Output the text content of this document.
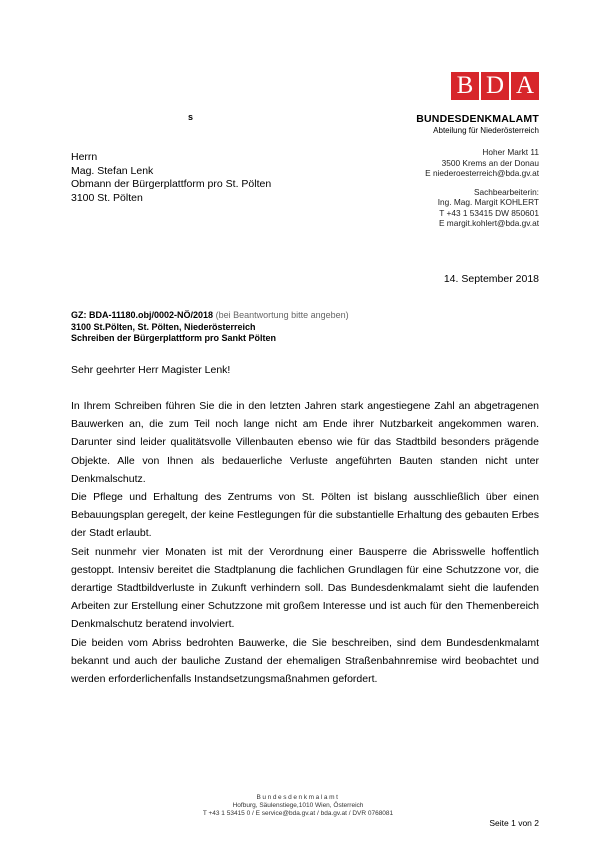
B D A
s	BUNDESDENKMALAMT
Abteilung für Niederösterreich
Herrn
Mag. Stefan Lenk
Obmann der Bürgerplattform pro St. Pölten
3100 St. Pölten
Hoher Markt 11
3500 Krems an der Donau
E niederoesterreich@bda.gv.at
Sachbearbeiterin:
Ing. Mag. Margit KOHLERT
T +43 1 53415 DW 850601
E margit.kohlert@bda.gv.at
14. September 2018
GZ: BDA-11180.obj/0002-NÖ/2018 (bei Beantwortung bitte angeben)
3100 St.Pölten, St. Pölten, Niederösterreich
Schreiben der Bürgerplattform pro Sankt Pölten
Sehr geehrter Herr Magister Lenk!

In Ihrem Schreiben führen Sie die in den letzten Jahren stark angestiegene Zahl an abgetragenen Bauwerken an, die zum Teil noch lange nicht am Ende ihrer Nutzbarkeit angekommen waren. Darunter sind leider qualitätsvolle Villenbauten ebenso wie für das Stadtbild besonders prägende Objekte. Alle von Ihnen als bedauerliche Verluste angeführten Bauten standen nicht unter Denkmalschutz.

Die Pflege und Erhaltung des Zentrums von St. Pölten ist bislang ausschließlich über einen Bebauungsplan geregelt, der keine Festlegungen für die substantielle Erhaltung des gebauten Erbes der Stadt erlaubt.

Seit nunmehr vier Monaten ist mit der Verordnung einer Bausperre die Abrisswelle hoffentlich gestoppt. Intensiv bereitet die Stadtplanung die fachlichen Grundlagen für eine Schutzzone vor, die derartige Stadtbildverluste in Zukunft verhindern soll. Das Bundesdenkmalamt sieht die laufenden Arbeiten zur Erstellung einer Schutzzone mit großem Interesse und ist auch für den Themenbereich Denkmalschutz beratend involviert.

Die beiden vom Abriss bedrohten Bauwerke, die Sie beschreiben, sind dem Bundesdenkmalamt bekannt und auch der bauliche Zustand der ehemaligen Straßenbahnremise wird beobachtet und werden erforderlichenfalls Instandsetzungsmaßnahmen gefordert.

Bundesdenkmalamt
Hofburg, Säulenstiege,1010 Wien, Österreich
T +43 1 53415 0 / E service@bda.gv.at / bda.gv.at / DVR 0768081
Seite 1 von 2
